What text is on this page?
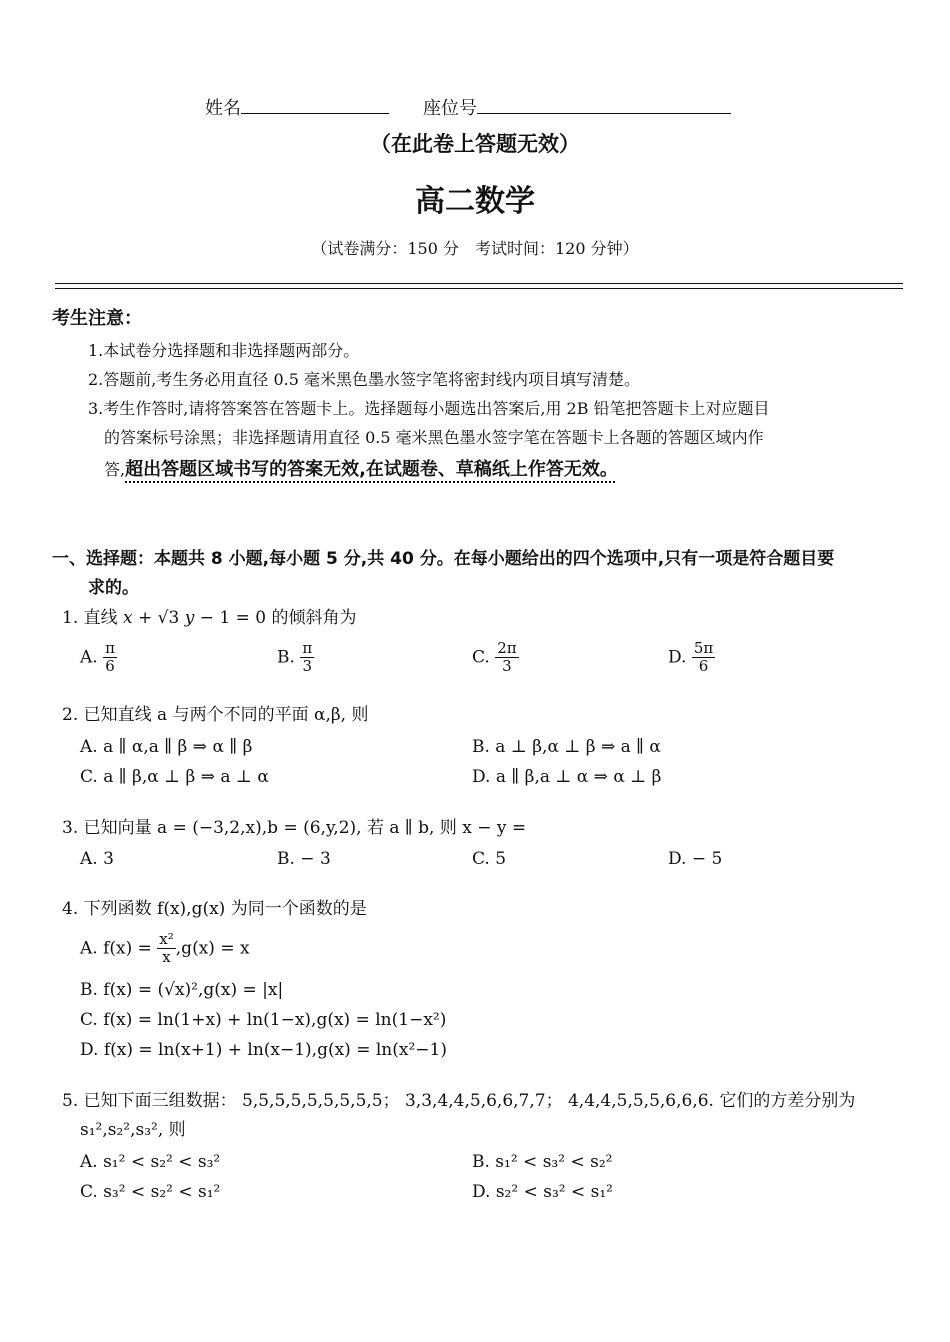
姓名	座位号
（在此卷上答题无效）
高二数学
（试卷满分：150 分　考试时间：120 分钟）
考生注意：
1.本试卷分选择题和非选择题两部分。
2.答题前,考生务必用直径 0.5 毫米黑色墨水签字笔将密封线内项目填写清楚。
3.考生作答时,请将答案答在答题卡上。选择题每小题选出答案后,用 2B 铅笔把答题卡上对应题目
的答案标号涂黑；非选择题请用直径 0.5 毫米黑色墨水签字笔在答题卡上各题的答题区域内作
答,超出答题区域书写的答案无效,在试题卷、草稿纸上作答无效。
一、选择题：本题共 8 小题,每小题 5 分,共 40 分。在每小题给出的四个选项中,只有一项是符合题目要
求的。
1. 直线 x + √3 y − 1 = 0 的倾斜角为
A. $\frac{\pi}{6}$	B. $\frac{\pi}{3}$	C. $\frac{2\pi}{3}$	D. $\frac{5\pi}{6}$
2. 已知直线 a 与两个不同的平面 α,β, 则
A. a ∥ α,a ∥ β ⇒ α ∥ β	B. a ⊥ β,α ⊥ β ⇒ a ∥ α
C. a ∥ β,α ⊥ β ⇒ a ⊥ α	D. a ∥ β,a ⊥ α ⇒ α ⊥ β
3. 已知向量 a = (−3,2,x),b = (6,y,2), 若 a ∥ b, 则 x − y =
A. 3	B. − 3	C. 5	D. − 5
4. 下列函数 f(x),g(x) 为同一个函数的是
A. $f(x) = \frac{\text{x²}}{x} ,g(x) = x$
B. f(x) = (√x)²,g(x) = |x|
C. f(x) = ln(1+x) + ln(1−x),g(x) = ln(1−x²)
D. f(x) = ln(x+1) + ln(x−1),g(x) = ln(x²−1)
5. 已知下面三组数据： 5,5,5,5,5,5,5,5,5； 3,3,4,4,5,6,6,7,7； 4,4,4,5,5,5,6,6,6. 它们的方差分别为
s₁²,s₂²,s₃², 则
A. s₁² < s₂² < s₃²	B. s₁² < s₃² < s₂²
C. s₃² < s₂² < s₁²	D. s₂² < s₃² < s₁²
